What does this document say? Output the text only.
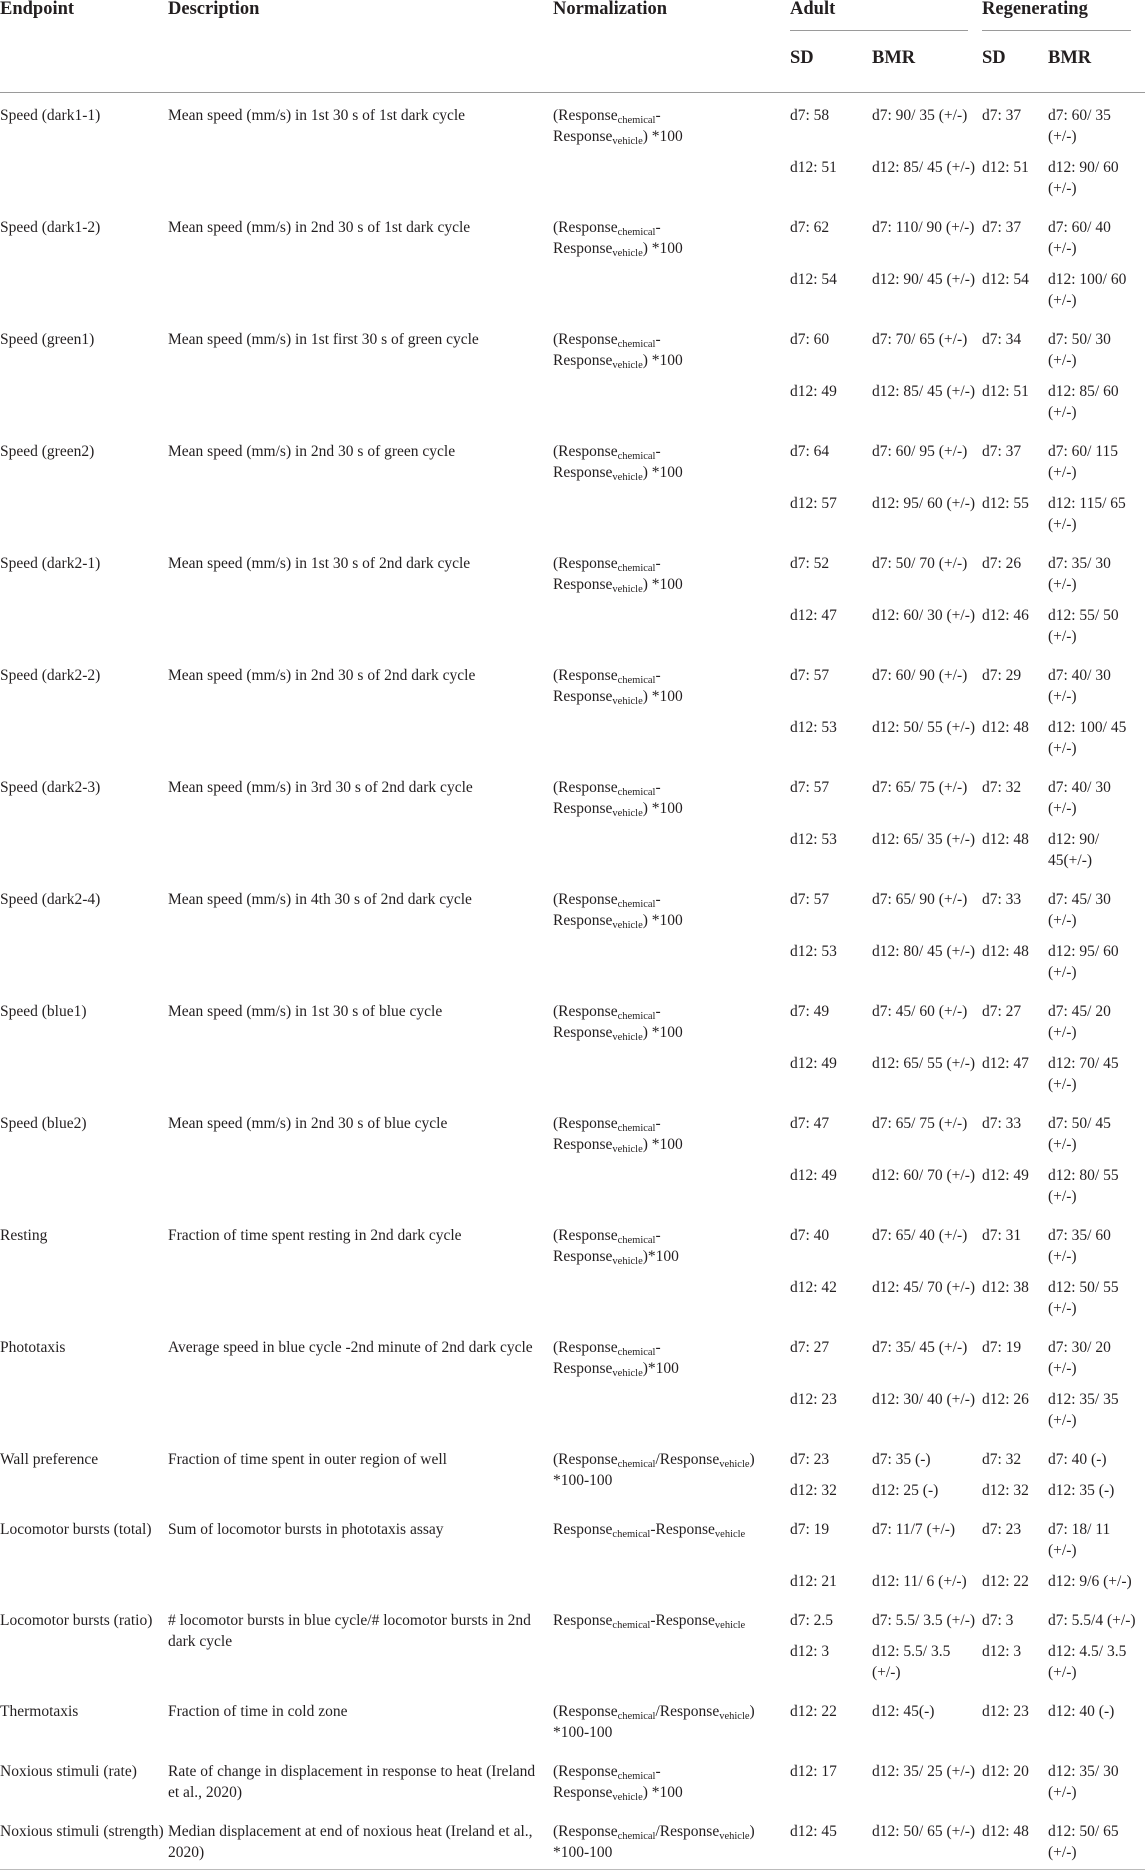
Endpoint	Description	Normalization	Adult		Regenerating	

			SD	BMR	SD	BMR
Speed (dark1-1)	Mean speed (mm/s) in 1st 30 s of 1st dark cycle	(Response$_{chemical}$-
Response$_{vehicle}$) *100	d7: 58	d7: 90/ 35 (+/-)	d7: 37	d7: 60/ 35 (+/-)
			d12: 51	d12: 85/ 45 (+/-)	d12: 51	d12: 90/ 60 (+/-)
Speed (dark1-2)	Mean speed (mm/s) in 2nd 30 s of 1st dark cycle	(Response$_{chemical}$-
Response$_{vehicle}$) *100	d7: 62	d7: 110/ 90 (+/-)	d7: 37	d7: 60/ 40 (+/-)
			d12: 54	d12: 90/ 45 (+/-)	d12: 54	d12: 100/ 60 (+/-)
Speed (green1)	Mean speed (mm/s) in 1st first 30 s of green cycle	(Response$_{chemical}$-
Response$_{vehicle}$) *100	d7: 60	d7: 70/ 65 (+/-)	d7: 34	d7: 50/ 30 (+/-)
			d12: 49	d12: 85/ 45 (+/-)	d12: 51	d12: 85/ 60 (+/-)
Speed (green2)	Mean speed (mm/s) in 2nd 30 s of green cycle	(Response$_{chemical}$-
Response$_{vehicle}$) *100	d7: 64	d7: 60/ 95 (+/-)	d7: 37	d7: 60/ 115 (+/-)
			d12: 57	d12: 95/ 60 (+/-)	d12: 55	d12: 115/ 65 (+/-)
Speed (dark2-1)	Mean speed (mm/s) in 1st 30 s of 2nd dark cycle	(Response$_{chemical}$-
Response$_{vehicle}$) *100	d7: 52	d7: 50/ 70 (+/-)	d7: 26	d7: 35/ 30 (+/-)
			d12: 47	d12: 60/ 30 (+/-)	d12: 46	d12: 55/ 50 (+/-)
Speed (dark2-2)	Mean speed (mm/s) in 2nd 30 s of 2nd dark cycle	(Response$_{chemical}$-
Response$_{vehicle}$) *100	d7: 57	d7: 60/ 90 (+/-)	d7: 29	d7: 40/ 30 (+/-)
			d12: 53	d12: 50/ 55 (+/-)	d12: 48	d12: 100/ 45 (+/-)
Speed (dark2-3)	Mean speed (mm/s) in 3rd 30 s of 2nd dark cycle	(Response$_{chemical}$-
Response$_{vehicle}$) *100	d7: 57	d7: 65/ 75 (+/-)	d7: 32	d7: 40/ 30 (+/-)
			d12: 53	d12: 65/ 35 (+/-)	d12: 48	d12: 90/ 45(+/-)
Speed (dark2-4)	Mean speed (mm/s) in 4th 30 s of 2nd dark cycle	(Response$_{chemical}$-
Response$_{vehicle}$) *100	d7: 57	d7: 65/ 90 (+/-)	d7: 33	d7: 45/ 30 (+/-)
			d12: 53	d12: 80/ 45 (+/-)	d12: 48	d12: 95/ 60 (+/-)
Speed (blue1)	Mean speed (mm/s) in 1st 30 s of blue cycle	(Response$_{chemical}$-
Response$_{vehicle}$) *100	d7: 49	d7: 45/ 60 (+/-)	d7: 27	d7: 45/ 20 (+/-)
			d12: 49	d12: 65/ 55 (+/-)	d12: 47	d12: 70/ 45 (+/-)
Speed (blue2)	Mean speed (mm/s) in 2nd 30 s of blue cycle	(Response$_{chemical}$-
Response$_{vehicle}$) *100	d7: 47	d7: 65/ 75 (+/-)	d7: 33	d7: 50/ 45 (+/-)
			d12: 49	d12: 60/ 70 (+/-)	d12: 49	d12: 80/ 55 (+/-)
Resting	Fraction of time spent resting in 2nd dark cycle	(Response$_{chemical}$-
Response$_{vehicle}$)*100	d7: 40	d7: 65/ 40 (+/-)	d7: 31	d7: 35/ 60 (+/-)
			d12: 42	d12: 45/ 70 (+/-)	d12: 38	d12: 50/ 55 (+/-)
Phototaxis	Average speed in blue cycle -2nd minute of 2nd dark cycle	(Response$_{chemical}$-
Response$_{vehicle}$)*100	d7: 27	d7: 35/ 45 (+/-)	d7: 19	d7: 30/ 20 (+/-)
			d12: 23	d12: 30/ 40 (+/-)	d12: 26	d12: 35/ 35 (+/-)
Wall preference	Fraction of time spent in outer region of well	(Response$_{chemical}$/Response$_{vehicle}$)
*100-100	d7: 23	d7: 35 (-)	d7: 32	d7: 40 (-)
			d12: 32	d12: 25 (-)	d12: 32	d12: 35 (-)
Locomotor bursts (total)	Sum of locomotor bursts in phototaxis assay	Response$_{chemical}$-Response$_{vehicle}$	d7: 19	d7: 11/7 (+/-)	d7: 23	d7: 18/ 11 (+/-)
			d12: 21	d12: 11/ 6 (+/-)	d12: 22	d12: 9/6 (+/-)
Locomotor bursts (ratio)	# locomotor bursts in blue cycle/# locomotor bursts in 2nd dark cycle	Response$_{chemical}$-Response$_{vehicle}$	d7: 2.5	d7: 5.5/ 3.5 (+/-)	d7: 3	d7: 5.5/4 (+/-)
			d12: 3	d12: 5.5/ 3.5 (+/-)	d12: 3	d12: 4.5/ 3.5 (+/-)
Thermotaxis	Fraction of time in cold zone	(Response$_{chemical}$/Response$_{vehicle}$)
*100-100	d12: 22	d12: 45(-)	d12: 23	d12: 40 (-)
Noxious stimuli (rate)	Rate of change in displacement in response to heat (Ireland et al., 2020)	(Response$_{chemical}$-
Response$_{vehicle}$) *100	d12: 17	d12: 35/ 25 (+/-)	d12: 20	d12: 35/ 30 (+/-)
Noxious stimuli (strength)	Median displacement at end of noxious heat (Ireland et al., 2020)	(Response$_{chemical}$/Response$_{vehicle}$)
*100-100	d12: 45	d12: 50/ 65 (+/-)	d12: 48	d12: 50/ 65 (+/-)
